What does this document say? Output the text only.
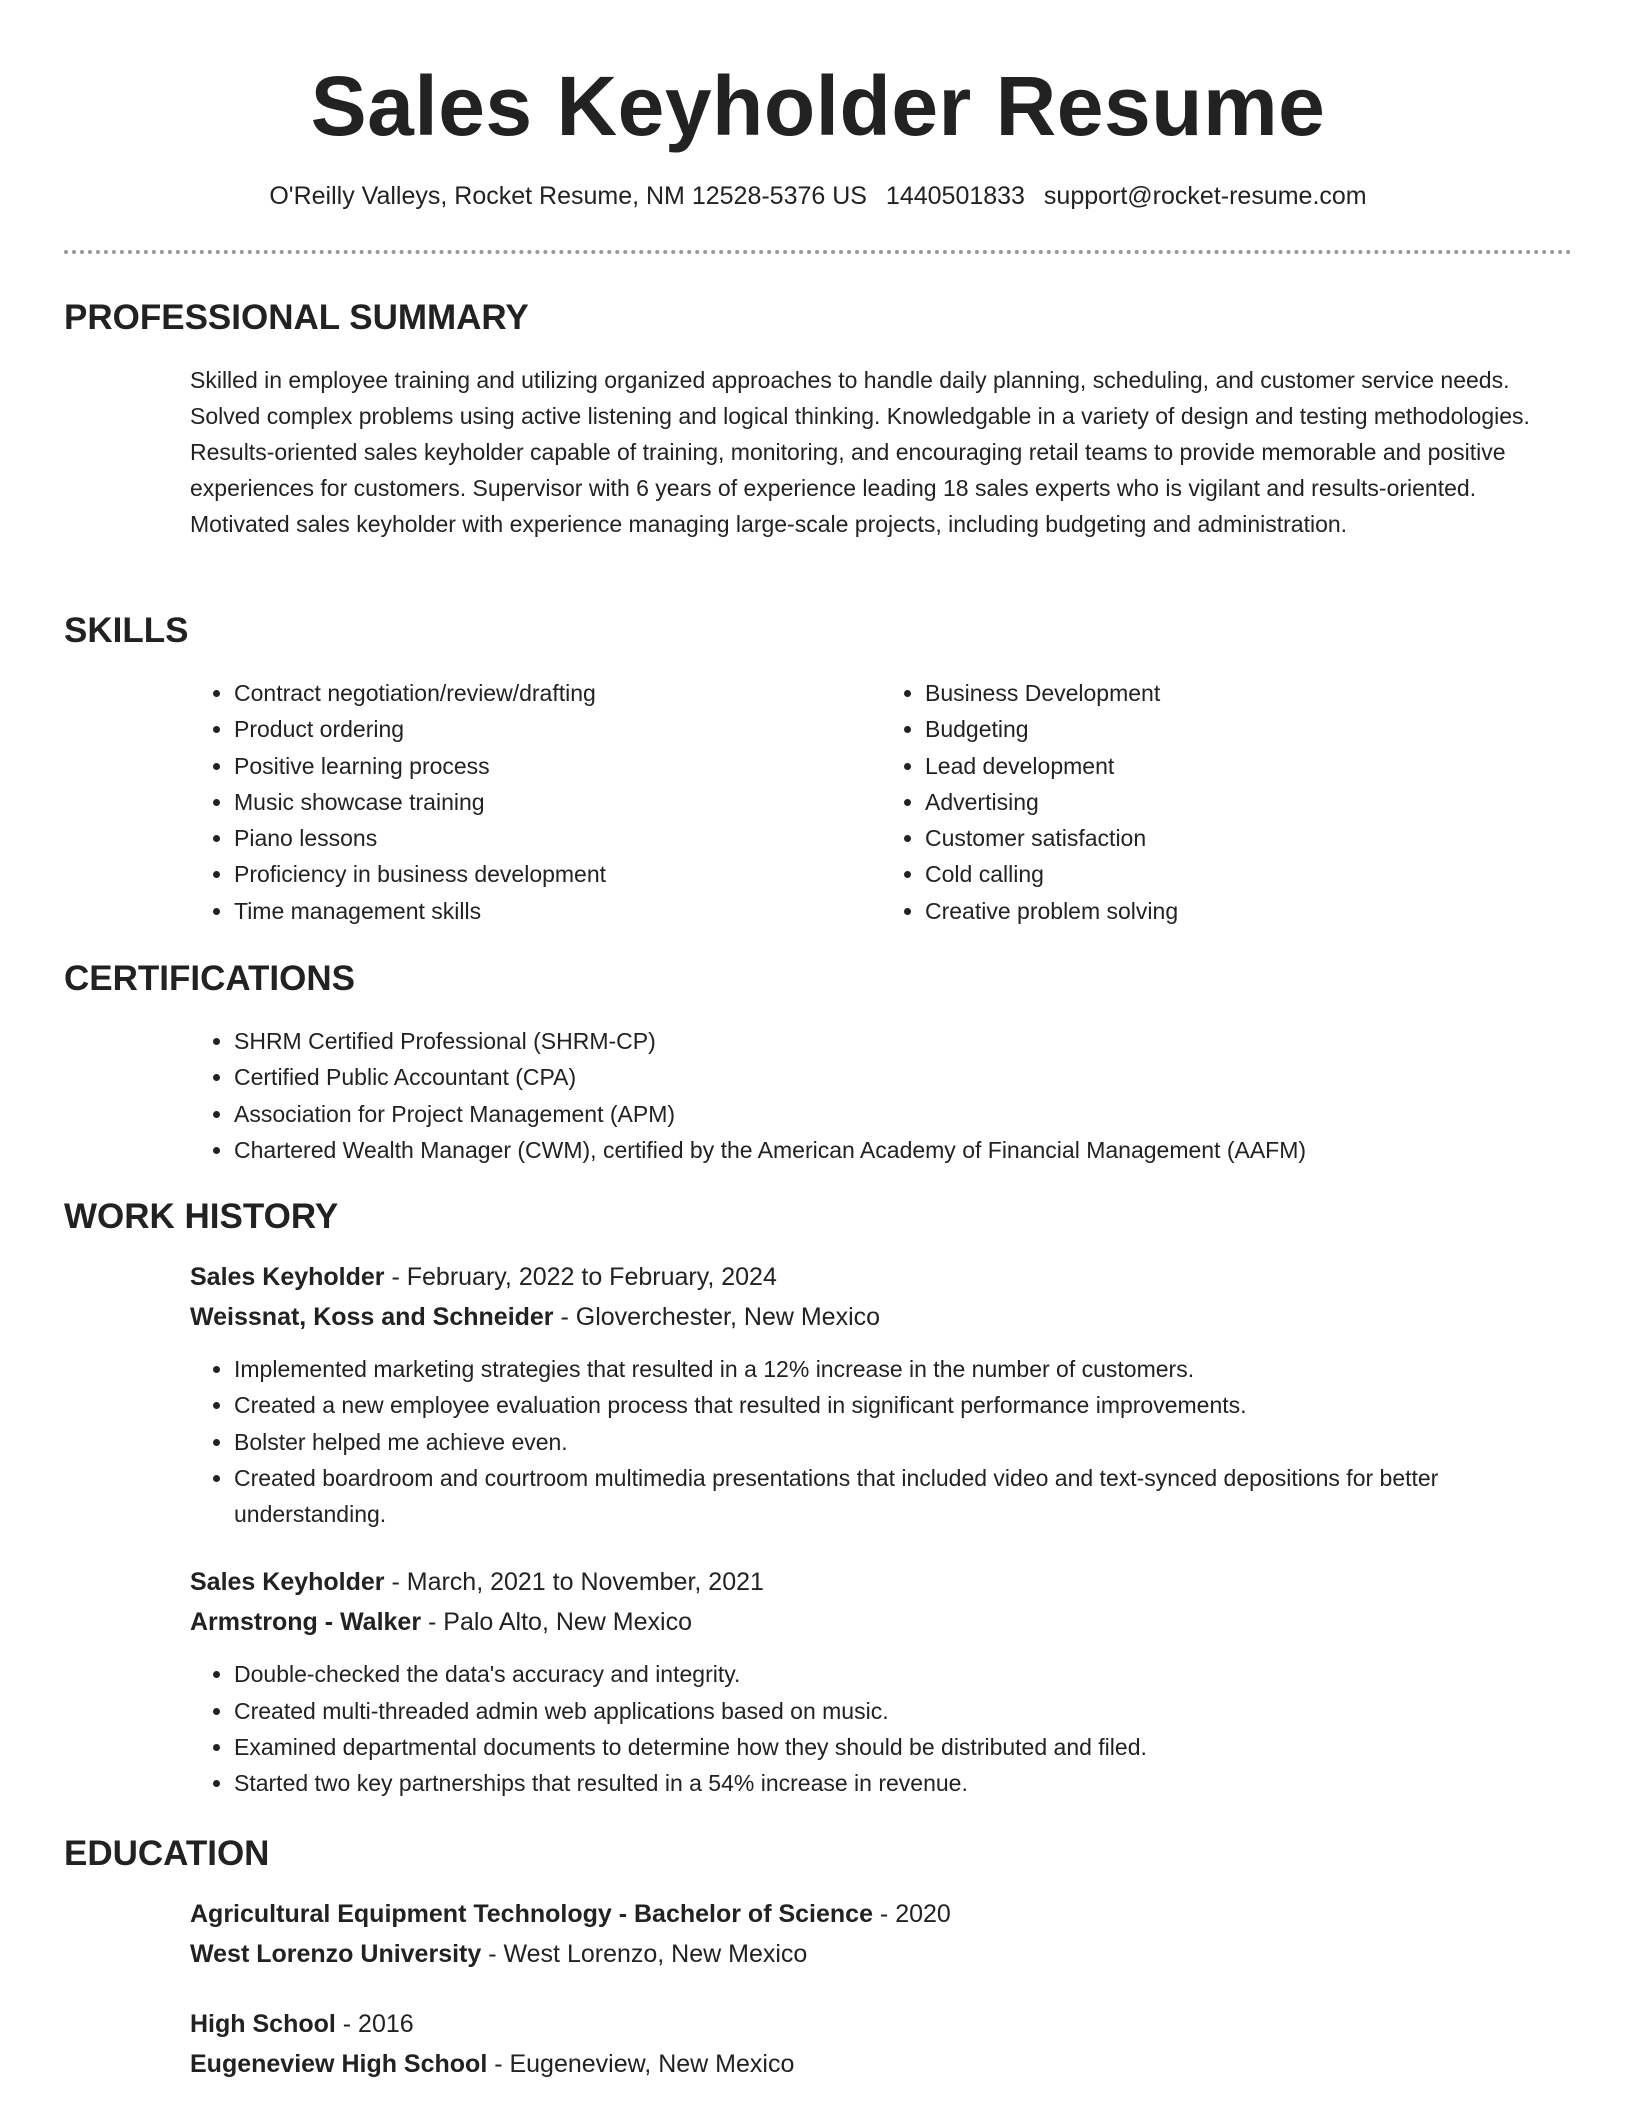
Sales Keyholder Resume
O'Reilly Valleys, Rocket Resume, NM 12528-5376 US 1440501833 support@rocket-resume.com
PROFESSIONAL SUMMARY

Skilled in employee training and utilizing organized approaches to handle daily planning, scheduling, and customer service needs. Solved complex problems using active listening and logical thinking. Knowledgable in a variety of design and testing methodologies. Results-oriented sales keyholder capable of training, monitoring, and encouraging retail teams to provide memorable and positive experiences for customers. Supervisor with 6 years of experience leading 18 sales experts who is vigilant and results-oriented. Motivated sales keyholder with experience managing large-scale projects, including budgeting and administration.

SKILLS
• Contract negotiation/review/drafting
• Product ordering
• Positive learning process
• Music showcase training
• Piano lessons
• Proficiency in business development
• Time management skills
• Business Development
• Budgeting
• Lead development
• Advertising
• Customer satisfaction
• Cold calling
• Creative problem solving
CERTIFICATIONS
• SHRM Certified Professional (SHRM-CP)
• Certified Public Accountant (CPA)
• Association for Project Management (APM)
• Chartered Wealth Manager (CWM), certified by the American Academy of Financial Management (AAFM)
WORK HISTORY
Sales Keyholder - February, 2022 to February, 2024
Weissnat, Koss and Schneider - Gloverchester, New Mexico
• Implemented marketing strategies that resulted in a 12% increase in the number of customers.
• Created a new employee evaluation process that resulted in significant performance improvements.
• Bolster helped me achieve even.
• Created boardroom and courtroom multimedia presentations that included video and text-synced depositions for better understanding.
Sales Keyholder - March, 2021 to November, 2021
Armstrong - Walker - Palo Alto, New Mexico
• Double-checked the data's accuracy and integrity.
• Created multi-threaded admin web applications based on music.
• Examined departmental documents to determine how they should be distributed and filed.
• Started two key partnerships that resulted in a 54% increase in revenue.
EDUCATION
Agricultural Equipment Technology - Bachelor of Science - 2020
West Lorenzo University - West Lorenzo, New Mexico
High School - 2016
Eugeneview High School - Eugeneview, New Mexico
